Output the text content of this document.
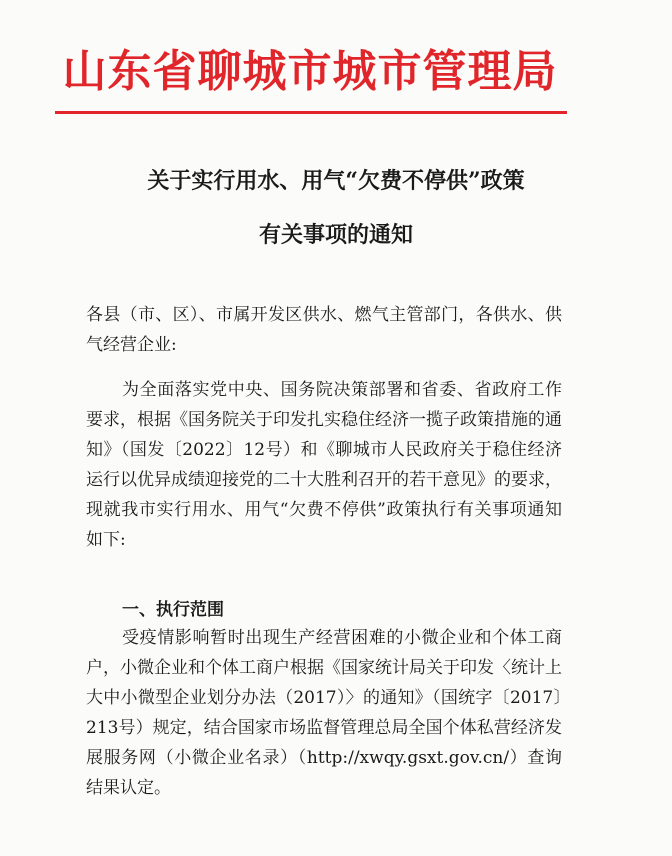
山东省聊城市城市管理局
关于实行用水、用气“欠费不停供”政策
有关事项的通知
各县（市、区）、市属开发区供水、燃气主管部门，各供水、供气经营企业:
为全面落实党中央、国务院决策部署和省委、省政府工作要求，根据《国务院关于印发扎实稳住经济一揽子政策措施的通知》（国发〔2022〕12号）和《聊城市人民政府关于稳住经济运行以优异成绩迎接党的二十大胜利召开的若干意见》的要求，现就我市实行用水、用气“欠费不停供”政策执行有关事项通知如下:
一、执行范围
受疫情影响暂时出现生产经营困难的小微企业和个体工商户，小微企业和个体工商户根据《国家统计局关于印发〈统计上大中小微型企业划分办法（2017）〉的通知》（国统字〔2017〕213号）规定，结合国家市场监督管理总局全国个体私营经济发展服务网（小微企业名录）（http://xwqy.gsxt.gov.cn/）查询结果认定。
